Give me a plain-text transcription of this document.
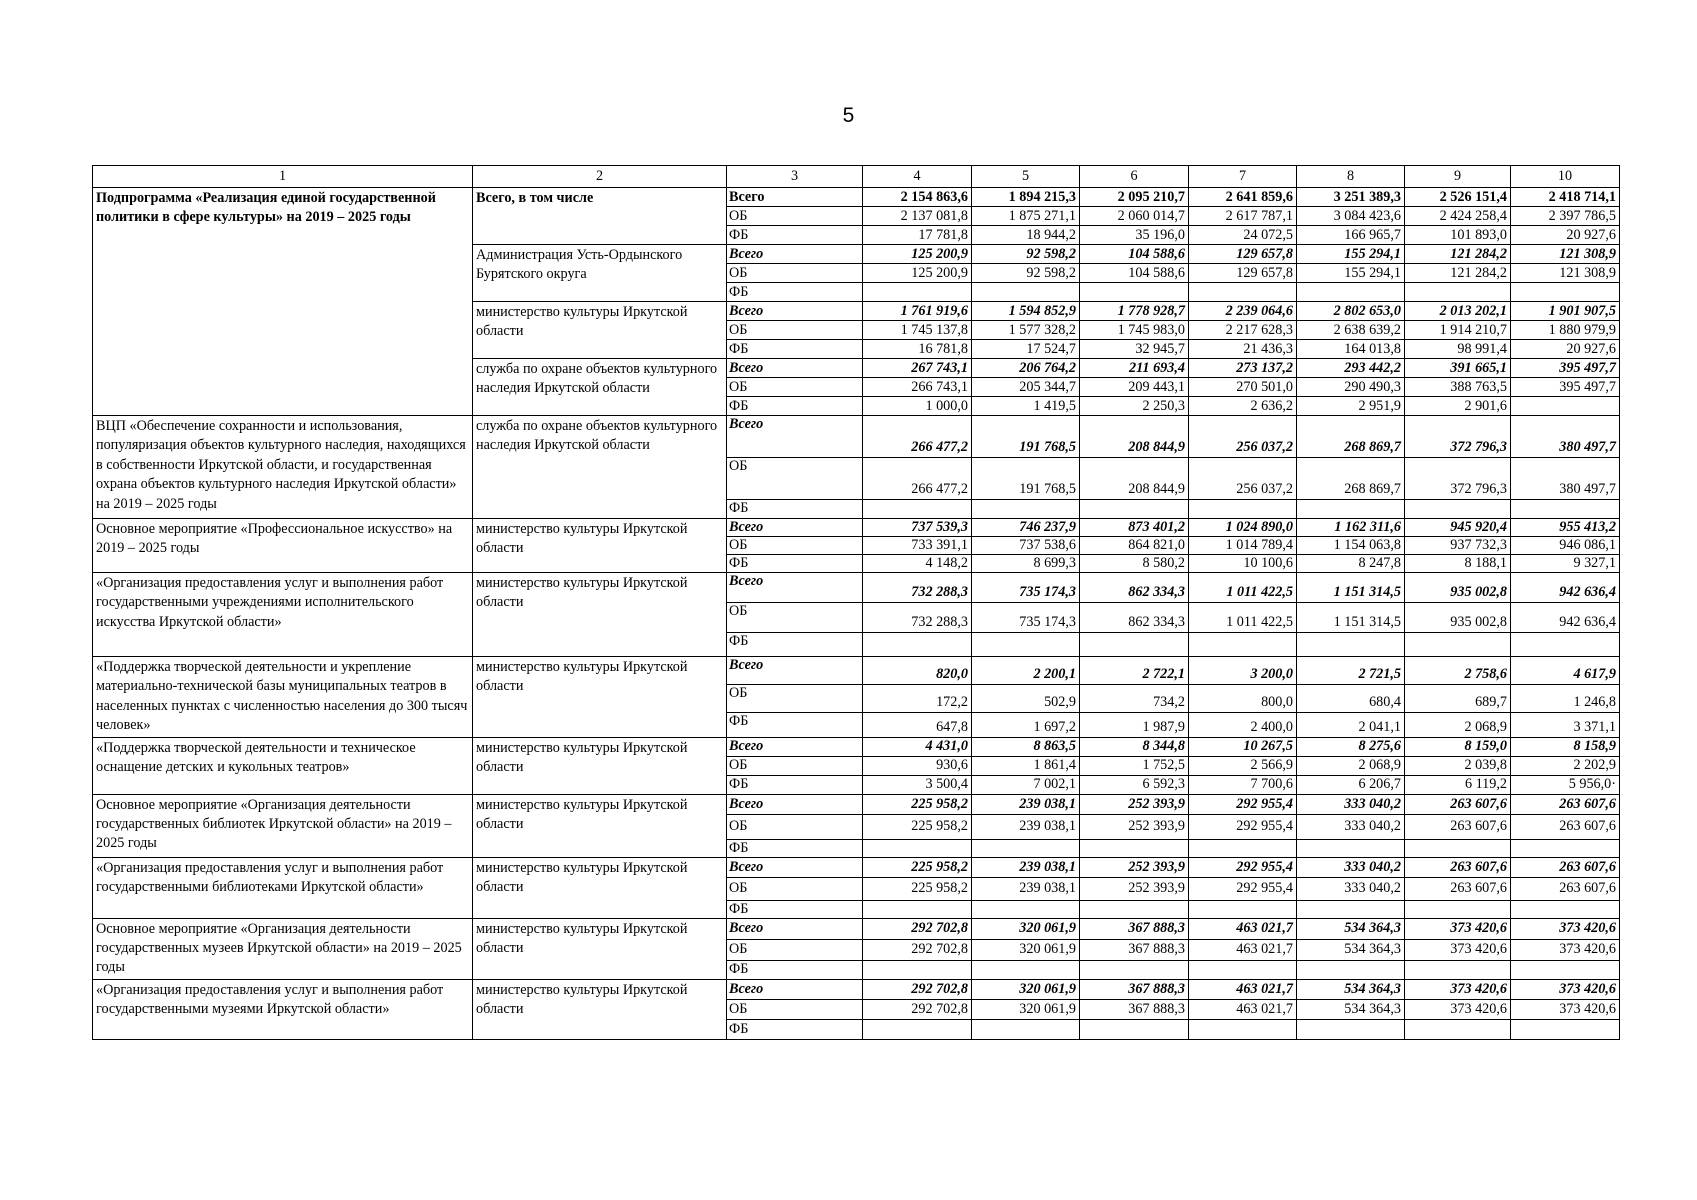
5
1	2	3	4	5	6	7	8	9	10
Подпрограмма «Реализация единой государственной политики в сфере культуры» на 2019 – 2025 годы	Всего, в том числе	Всего	2 154 863,6	1 894 215,3	2 095 210,7	2 641 859,6	3 251 389,3	2 526 151,4	2 418 714,1
		ОБ	2 137 081,8	1 875 271,1	2 060 014,7	2 617 787,1	3 084 423,6	2 424 258,4	2 397 786,5
		ФБ	17 781,8	18 944,2	35 196,0	24 072,5	166 965,7	101 893,0	20 927,6
	Администрация Усть-Ордынского Бурятского округа	Всего	125 200,9	92 598,2	104 588,6	129 657,8	155 294,1	121 284,2	121 308,9
		ОБ	125 200,9	92 598,2	104 588,6	129 657,8	155 294,1	121 284,2	121 308,9
		ФБ							
	министерство культуры Иркутской области	Всего	1 761 919,6	1 594 852,9	1 778 928,7	2 239 064,6	2 802 653,0	2 013 202,1	1 901 907,5
		ОБ	1 745 137,8	1 577 328,2	1 745 983,0	2 217 628,3	2 638 639,2	1 914 210,7	1 880 979,9
		ФБ	16 781,8	17 524,7	32 945,7	21 436,3	164 013,8	98 991,4	20 927,6
	служба по охране объектов культурного наследия Иркутской области	Всего	267 743,1	206 764,2	211 693,4	273 137,2	293 442,2	391 665,1	395 497,7
		ОБ	266 743,1	205 344,7	209 443,1	270 501,0	290 490,3	388 763,5	395 497,7
		ФБ	1 000,0	1 419,5	2 250,3	2 636,2	2 951,9	2 901,6	
ВЦП «Обеспечение сохранности и использования, популяризация объектов культурного наследия, находящихся в собственности Иркутской области, и государственная охрана объектов культурного наследия Иркутской области» на 2019 – 2025 годы	служба по охране объектов культурного наследия Иркутской области	Всего	266 477,2	191 768,5	208 844,9	256 037,2	268 869,7	372 796,3	380 497,7
		ОБ	266 477,2	191 768,5	208 844,9	256 037,2	268 869,7	372 796,3	380 497,7
		ФБ							
Основное мероприятие «Профессиональное искусство» на 2019 – 2025 годы	министерство культуры Иркутской области	Всего	737 539,3	746 237,9	873 401,2	1 024 890,0	1 162 311,6	945 920,4	955 413,2
		ОБ	733 391,1	737 538,6	864 821,0	1 014 789,4	1 154 063,8	937 732,3	946 086,1
		ФБ	4 148,2	8 699,3	8 580,2	10 100,6	8 247,8	8 188,1	9 327,1
«Организация предоставления услуг и выполнения работ государственными учреждениями исполнительского искусства Иркутской области»	министерство культуры Иркутской области	Всего	732 288,3	735 174,3	862 334,3	1 011 422,5	1 151 314,5	935 002,8	942 636,4
		ОБ	732 288,3	735 174,3	862 334,3	1 011 422,5	1 151 314,5	935 002,8	942 636,4
		ФБ							
«Поддержка творческой деятельности и укрепление материально-технической базы муниципальных театров в населенных пунктах с численностью населения до 300 тысяч человек»	министерство культуры Иркутской области	Всего	820,0	2 200,1	2 722,1	3 200,0	2 721,5	2 758,6	4 617,9
		ОБ	172,2	502,9	734,2	800,0	680,4	689,7	1 246,8
		ФБ	647,8	1 697,2	1 987,9	2 400,0	2 041,1	2 068,9	3 371,1
«Поддержка творческой деятельности и техническое оснащение детских и кукольных театров»	министерство культуры Иркутской области	Всего	4 431,0	8 863,5	8 344,8	10 267,5	8 275,6	8 159,0	8 158,9
		ОБ	930,6	1 861,4	1 752,5	2 566,9	2 068,9	2 039,8	2 202,9
		ФБ	3 500,4	7 002,1	6 592,3	7 700,6	6 206,7	6 119,2	5 956,0·
Основное мероприятие «Организация деятельности государственных библиотек Иркутской области» на 2019 – 2025 годы	министерство культуры Иркутской области	Всего	225 958,2	239 038,1	252 393,9	292 955,4	333 040,2	263 607,6	263 607,6
		ОБ	225 958,2	239 038,1	252 393,9	292 955,4	333 040,2	263 607,6	263 607,6
		ФБ							
«Организация предоставления услуг и выполнения работ государственными библиотеками Иркутской области»	министерство культуры Иркутской области	Всего	225 958,2	239 038,1	252 393,9	292 955,4	333 040,2	263 607,6	263 607,6
		ОБ	225 958,2	239 038,1	252 393,9	292 955,4	333 040,2	263 607,6	263 607,6
		ФБ							
Основное мероприятие «Организация деятельности государственных музеев Иркутской области» на 2019 – 2025 годы	министерство культуры Иркутской области	Всего	292 702,8	320 061,9	367 888,3	463 021,7	534 364,3	373 420,6	373 420,6
		ОБ	292 702,8	320 061,9	367 888,3	463 021,7	534 364,3	373 420,6	373 420,6
		ФБ							
«Организация предоставления услуг и выполнения работ государственными музеями Иркутской области»	министерство культуры Иркутской области	Всего	292 702,8	320 061,9	367 888,3	463 021,7	534 364,3	373 420,6	373 420,6
		ОБ	292 702,8	320 061,9	367 888,3	463 021,7	534 364,3	373 420,6	373 420,6
		ФБ							
